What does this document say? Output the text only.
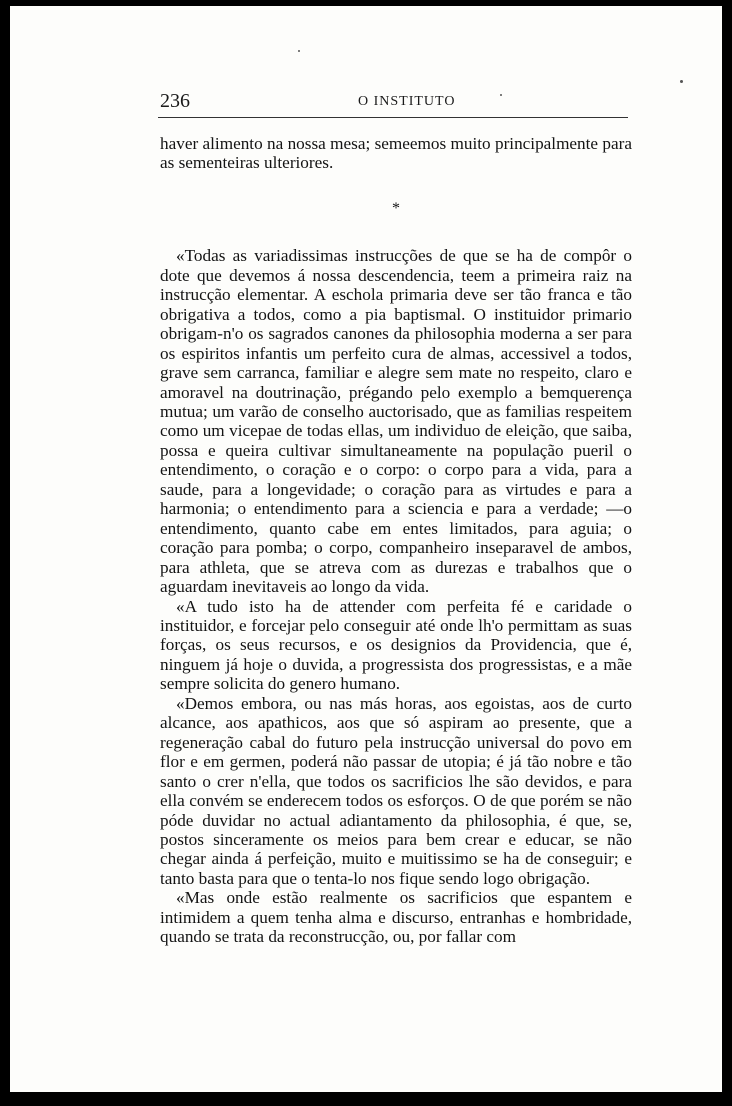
236	O INSTITUTO

haver alimento na nossa mesa; semeemos muito principalmente para as sementeiras ulteriores.

*

«Todas as variadissimas instrucções de que se ha de compôr o dote que devemos á nossa descendencia, teem a primeira raiz na instrucção elementar. A eschola primaria deve ser tão franca e tão obrigativa a todos, como a pia baptismal. O instituidor primario obrigam-n'o os sagrados canones da philosophia moderna a ser para os espiritos infantis um perfeito cura de almas, accessivel a todos, grave sem carranca, familiar e alegre sem mate no respeito, claro e amoravel na doutrinação, prégando pelo exemplo a bemquerença mutua; um varão de conselho auctorisado, que as familias respeitem como um vicepae de todas ellas, um individuo de eleição, que saiba, possa e queira cultivar simultaneamente na população pueril o entendimento, o coração e o corpo: o corpo para a vida, para a saude, para a longevidade; o coração para as virtudes e para a harmonia; o entendimento para a sciencia e para a verdade; —o entendimento, quanto cabe em entes limitados, para aguia; o coração para pomba; o corpo, companheiro inseparavel de ambos, para athleta, que se atreva com as durezas e trabalhos que o aguardam inevitaveis ao longo da vida.

«A tudo isto ha de attender com perfeita fé e caridade o instituidor, e forcejar pelo conseguir até onde lh'o permittam as suas forças, os seus recursos, e os designios da Providencia, que é, ninguem já hoje o duvida, a progressista dos progressistas, e a mãe sempre solicita do genero humano.

«Demos embora, ou nas más horas, aos egoistas, aos de curto alcance, aos apathicos, aos que só aspiram ao presente, que a regeneração cabal do futuro pela instrucção universal do povo em flor e em germen, poderá não passar de utopia; é já tão nobre e tão santo o crer n'ella, que todos os sacrificios lhe são devidos, e para ella convém se enderecem todos os esforços. O de que porém se não póde duvidar no actual adiantamento da philosophia, é que, se, postos sinceramente os meios para bem crear e educar, se não chegar ainda á perfeição, muito e muitissimo se ha de conseguir; e tanto basta para que o tenta-lo nos fique sendo logo obrigação.

«Mas onde estão realmente os sacrificios que espantem e intimidem a quem tenha alma e discurso, entranhas e hombridade, quando se trata da reconstrucção, ou, por fallar com
